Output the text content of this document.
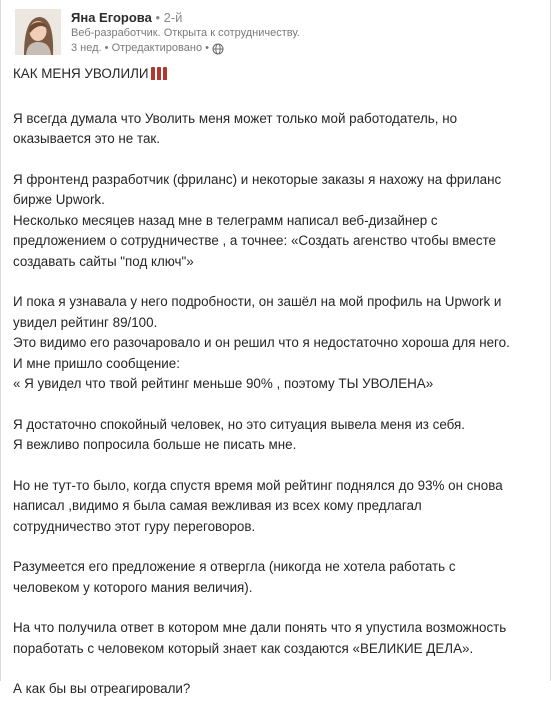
Яна Егорова • 2-й
Веб-разработчик. Открыта к сотрудничеству.
3 нед. • Отредактировано •
КАК МЕНЯ УВОЛИЛИ

Я всегда думала что Уволить меня может только мой работодатель, но
оказывается это не так.

Я фронтенд разработчик (фриланс) и некоторые заказы я нахожу на фриланс
бирже Upwork.
Несколько месяцев назад мне в телеграмм написал веб-дизайнер с
предложением о сотрудничестве , а точнее: «Создать агенство чтобы вместе
создавать сайты "под ключ"»

И пока я узнавала у него подробности, он зашёл на мой профиль на Upwork и
увидел рейтинг 89/100.
Это видимо его разочаровало и он решил что я недостаточно хороша для него.
И мне пришло сообщение:
« Я увидел что твой рейтинг меньше 90% , поэтому ТЫ УВОЛЕНА»

Я достаточно спокойный человек, но это ситуация вывела меня из себя.
Я вежливо попросила больше не писать мне.

Но не тут-то было, когда спустя время мой рейтинг поднялся до 93% он снова
написал ,видимо я была самая вежливая из всех кому предлагал
сотрудничество этот гуру переговоров.

Разумеется его предложение я отвергла (никогда не хотела работать с
человеком у которого мания величия).

На что получила ответ в котором мне дали понять что я упустила возможность
поработать с человеком который знает как создаются «ВЕЛИКИЕ ДЕЛА».

А как бы вы отреагировали?
